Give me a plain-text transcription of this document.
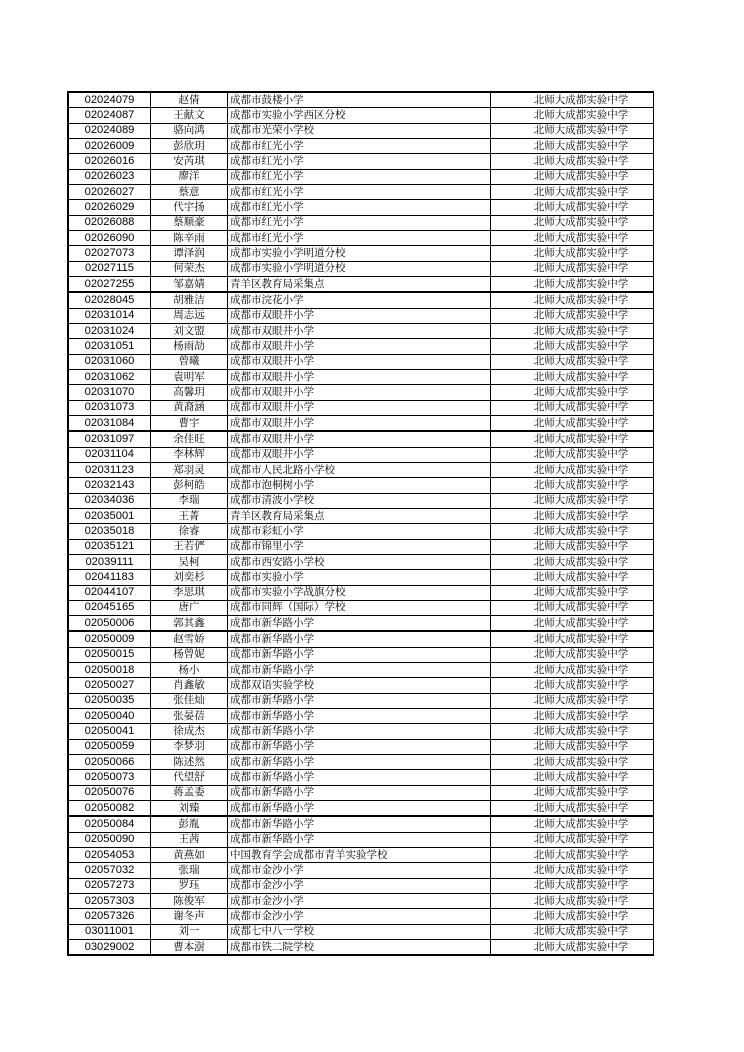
02024079	赵倩	成都市鼓楼小学	北师大成都实验中学
02024087	王献文	成都市实验小学西区分校	北师大成都实验中学
02024089	骆向鸿	成都市光荣小学校	北师大成都实验中学
02026009	彭欣玥	成都市红光小学	北师大成都实验中学
02026016	安芮琪	成都市红光小学	北师大成都实验中学
02026023	廖洋	成都市红光小学	北师大成都实验中学
02026027	蔡意	成都市红光小学	北师大成都实验中学
02026029	代宇扬	成都市红光小学	北师大成都实验中学
02026088	蔡顺豪	成都市红光小学	北师大成都实验中学
02026090	陈辛雨	成都市红光小学	北师大成都实验中学
02027073	谭泽润	成都市实验小学明道分校	北师大成都实验中学
02027115	何荣杰	成都市实验小学明道分校	北师大成都实验中学
02027255	邹嘉婧	青羊区教育局采集点	北师大成都实验中学
02028045	胡雅洁	成都市浣花小学	北师大成都实验中学
02031014	周志远	成都市双眼井小学	北师大成都实验中学
02031024	刘文盟	成都市双眼井小学	北师大成都实验中学
02031051	杨雨劼	成都市双眼井小学	北师大成都实验中学
02031060	曾曦	成都市双眼井小学	北师大成都实验中学
02031062	袁明军	成都市双眼井小学	北师大成都实验中学
02031070	高馨玥	成都市双眼井小学	北师大成都实验中学
02031073	黄裔涵	成都市双眼井小学	北师大成都实验中学
02031084	曹宇	成都市双眼井小学	北师大成都实验中学
02031097	余佳旺	成都市双眼井小学	北师大成都实验中学
02031104	李林辉	成都市双眼井小学	北师大成都实验中学
02031123	郑羽灵	成都市人民北路小学校	北师大成都实验中学
02032143	彭柯皓	成都市泡桐树小学	北师大成都实验中学
02034036	李瑞	成都市清波小学校	北师大成都实验中学
02035001	王菁	青羊区教育局采集点	北师大成都实验中学
02035018	徐睿	成都市彩虹小学	北师大成都实验中学
02035121	王若俨	成都市锦里小学	北师大成都实验中学
02039111	吴柯	成都市西安路小学校	北师大成都实验中学
02041183	刘奕杉	成都市实验小学	北师大成都实验中学
02044107	李思琪	成都市实验小学战旗分校	北师大成都实验中学
02045165	唐广	成都市同辉（国际）学校	北师大成都实验中学
02050006	郭其鑫	成都市新华路小学	北师大成都实验中学
02050009	赵雪娇	成都市新华路小学	北师大成都实验中学
02050015	杨曾妮	成都市新华路小学	北师大成都实验中学
02050018	杨小	成都市新华路小学	北师大成都实验中学
02050027	肖鑫敏	成都双语实验学校	北师大成都实验中学
02050035	张佳灿	成都市新华路小学	北师大成都实验中学
02050040	张晏蓓	成都市新华路小学	北师大成都实验中学
02050041	徐成杰	成都市新华路小学	北师大成都实验中学
02050059	李梦羽	成都市新华路小学	北师大成都实验中学
02050066	陈述然	成都市新华路小学	北师大成都实验中学
02050073	代望舒	成都市新华路小学	北师大成都实验中学
02050076	蒋孟委	成都市新华路小学	北师大成都实验中学
02050082	刘臻	成都市新华路小学	北师大成都实验中学
02050084	彭胤	成都市新华路小学	北师大成都实验中学
02050090	王茜	成都市新华路小学	北师大成都实验中学
02054053	黄燕如	中国教育学会成都市青羊实验学校	北师大成都实验中学
02057032	张瑞	成都市金沙小学	北师大成都实验中学
02057273	罗珏	成都市金沙小学	北师大成都实验中学
02057303	陈俊军	成都市金沙小学	北师大成都实验中学
02057326	谢冬声	成都市金沙小学	北师大成都实验中学
03011001	刘一	成都七中八一学校	北师大成都实验中学
03029002	曹本澍	成都市铁二院学校	北师大成都实验中学
